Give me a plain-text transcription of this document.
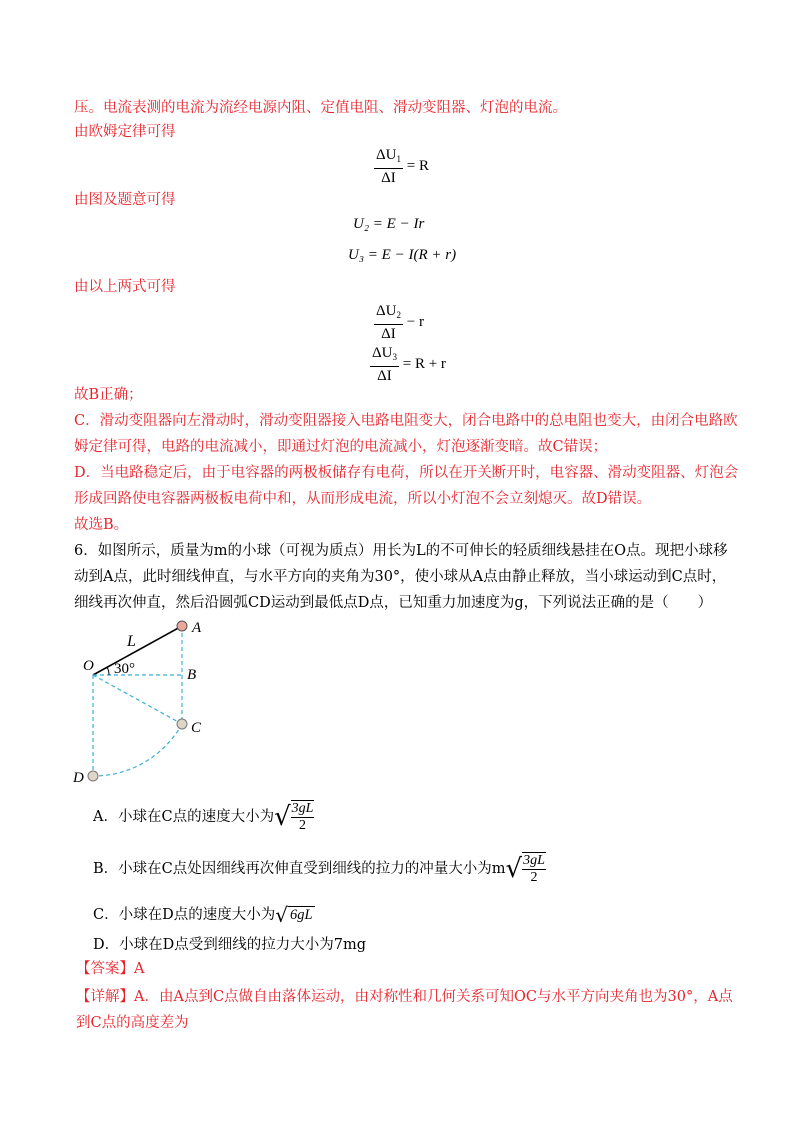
压。电流表测的电流为流经电源内阻、定值电阻、滑动变阻器、灯泡的电流。
由欧姆定律可得
$\frac{\Delta U_1}{\Delta I} = R$
由图及题意可得
U₂ = E − Ir
U₃ = E − I(R + r)
由以上两式可得
$\frac{\Delta U_2}{\Delta I} - r$
$\frac{\Delta U_3}{\Delta I} = R + r$
故B正确；
C．滑动变阻器向左滑动时，滑动变阻器接入电路电阻变大，闭合电路中的总电阻也变大，由闭合电路欧
姆定律可得，电路的电流减小，即通过灯泡的电流减小，灯泡逐渐变暗。故C错误；
D．当电路稳定后，由于电容器的两极板储存有电荷，所以在开关断开时，电容器、滑动变阻器、灯泡会
形成回路使电容器两极板电荷中和，从而形成电流，所以小灯泡不会立刻熄灭。故D错误。
故选B。
6．如图所示，质量为m的小球（可视为质点）用长为L的不可伸长的轻质细线悬挂在O点。现把小球移
动到A点，此时细线伸直，与水平方向的夹角为30°，使小球从A点由静止释放，当小球运动到C点时，
细线再次伸直，然后沿圆弧CD运动到最低点D点，已知重力加速度为g，下列说法正确的是（　　）
A
B
C
D
O
L
30°
A．小球在C点的速度大小为√ $\frac{3gL}{2}$
B．小球在C点处因细线再次伸直受到细线的拉力的冲量大小为$m√ \frac{3gL}{2}$
C．小球在D点的速度大小为√ 6gL
D．小球在D点受到细线的拉力大小为7mg
【答案】A
【详解】A．由A点到C点做自由落体运动，由对称性和几何关系可知OC与水平方向夹角也为30°，A点
到C点的高度差为
